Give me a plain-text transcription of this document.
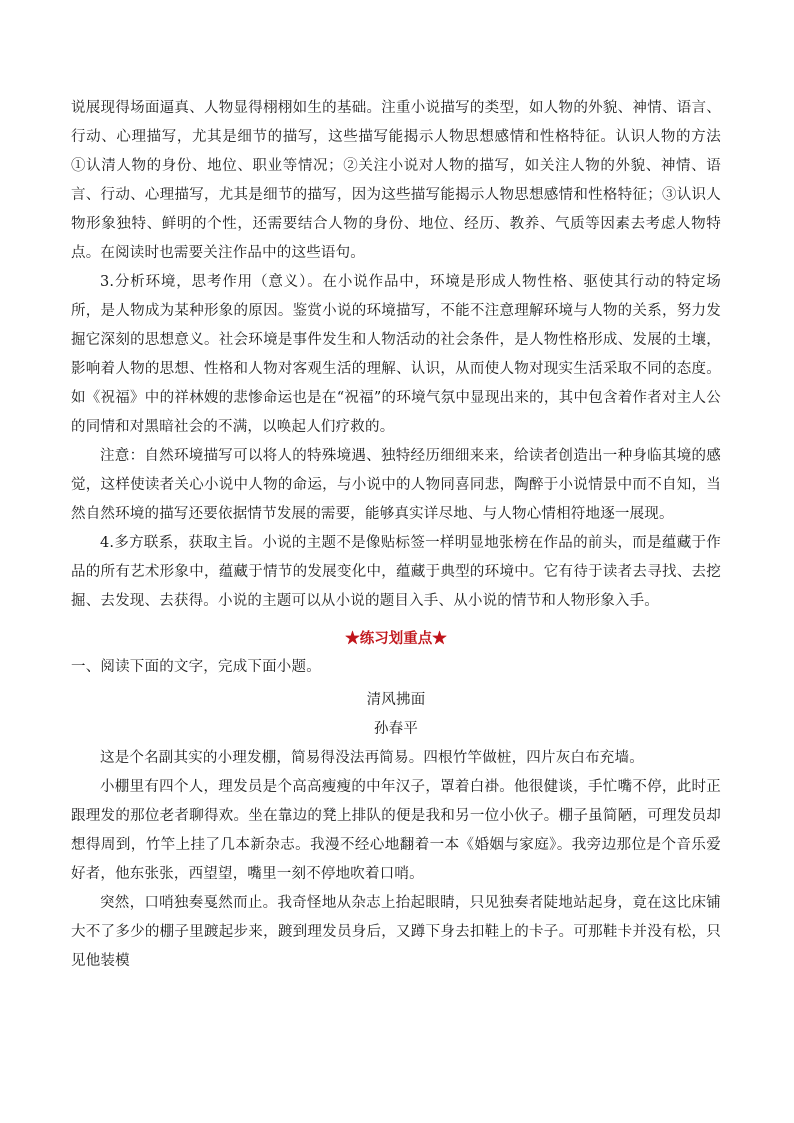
说展现得场面逼真、人物显得栩栩如生的基础。注重小说描写的类型，如人物的外貌、神情、语言、行动、心理描写，尤其是细节的描写，这些描写能揭示人物思想感情和性格特征。认识人物的方法 ①认清人物的身份、地位、职业等情况；②关注小说对人物的描写，如关注人物的外貌、神情、语言、行动、心理描写，尤其是细节的描写，因为这些描写能揭示人物思想感情和性格特征；③认识人物形象独特、鲜明的个性，还需要结合人物的身份、地位、经历、教养、气质等因素去考虑人物特点。在阅读时也需要关注作品中的这些语句。

3.分析环境，思考作用（意义）。在小说作品中，环境是形成人物性格、驱使其行动的特定场所，是人物成为某种形象的原因。鉴赏小说的环境描写，不能不注意理解环境与人物的关系，努力发掘它深刻的思想意义。社会环境是事件发生和人物活动的社会条件，是人物性格形成、发展的土壤，影响着人物的思想、性格和人物对客观生活的理解、认识，从而使人物对现实生活采取不同的态度。如《祝福》中的祥林嫂的悲惨命运也是在“祝福”的环境气氛中显现出来的，其中包含着作者对主人公的同情和对黑暗社会的不满，以唤起人们疗救的。

注意：自然环境描写可以将人的特殊境遇、独特经历细细来来，给读者创造出一种身临其境的感觉，这样使读者关心小说中人物的命运，与小说中的人物同喜同悲，陶醉于小说情景中而不自知，当然自然环境的描写还要依据情节发展的需要，能够真实详尽地、与人物心情相符地逐一展现。

4.多方联系，获取主旨。小说的主题不是像贴标签一样明显地张榜在作品的前头，而是蕴藏于作品的所有艺术形象中，蕴藏于情节的发展变化中，蕴藏于典型的环境中。它有待于读者去寻找、去挖掘、去发现、去获得。小说的主题可以从小说的题目入手、从小说的情节和人物形象入手。

★练习划重点★

一、阅读下面的文字，完成下面小题。

清风拂面

孙春平

这是个名副其实的小理发棚，简易得没法再简易。四根竹竿做桩，四片灰白布充墙。

小棚里有四个人，理发员是个高高瘦瘦的中年汉子，罩着白褂。他很健谈，手忙嘴不停，此时正跟理发的那位老者聊得欢。坐在靠边的凳上排队的便是我和另一位小伙子。棚子虽简陋，可理发员却想得周到，竹竿上挂了几本新杂志。我漫不经心地翻着一本《婚姻与家庭》。我旁边那位是个音乐爱好者，他东张张，西望望，嘴里一刻不停地吹着口哨。

突然，口哨独奏戛然而止。我奇怪地从杂志上抬起眼睛，只见独奏者陡地站起身，竟在这比床铺大不了多少的棚子里踱起步来，踱到理发员身后，又蹲下身去扣鞋上的卡子。可那鞋卡并没有松，只见他装模
